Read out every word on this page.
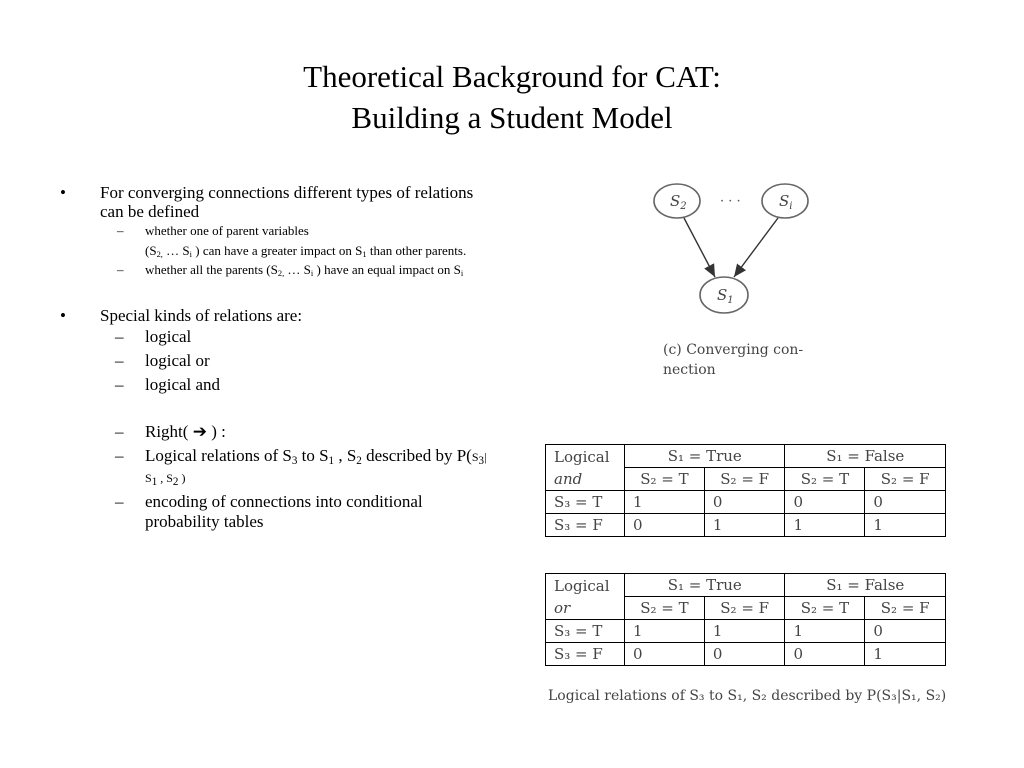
Theoretical Background for CAT:
Building a Student Model
• For converging connections different types of relations can be defined
– whether one of parent variables
($S_{2,}$ … $S_i$ ) can have a greater impact on $S_1$ than other parents.
– whether all the parents ($S_{2,}$ … $S_i$ ) have an equal impact on $S_i$
• Special kinds of relations are:
– logical
– logical or
– logical and
– Right( ➔ ) :
– Logical relations of $S_3$ to $S_1$ , $S_2$ described by $P(S_3|$ $S_1$ , $S_2$ )
– encoding of connections into conditional probability tables
$S_2$	$S_i$
$S_1$
· · ·
(c) Converging con- nection
Logical
and	S₁ = True		S₁ = False	
	S₂ = T	S₂ = F	S₂ = T	S₂ = F
S₃ = T	1	0	0	0
S₃ = F	0	1	1	1
Logical
or	S₁ = True		S₁ = False	
	S₂ = T	S₂ = F	S₂ = T	S₂ = F
S₃ = T	1	1	1	0
S₃ = F	0	0	0	1
Logical relations of S₃ to S₁, S₂ described by P(S₃|S₁, S₂)
